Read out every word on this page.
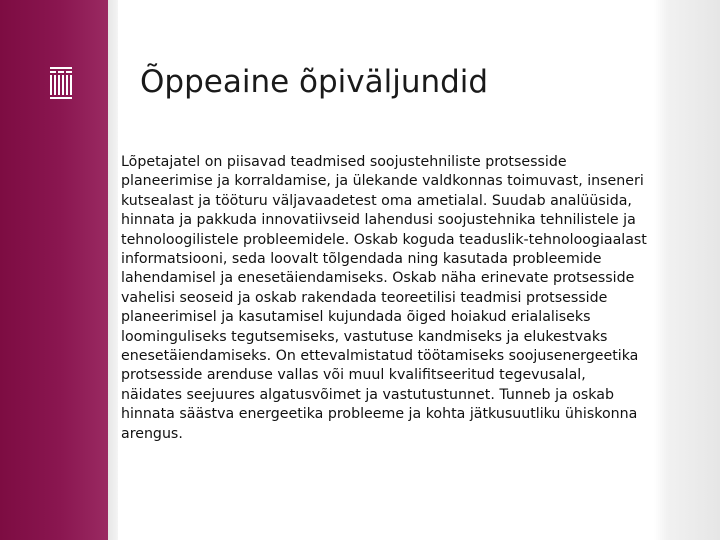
Õppeaine õpiväljundid

Lõpetajatel on piisavad teadmised soojustehniliste protsesside planeerimise ja korraldamise, ja ülekande valdkonnas toimuvast, inseneri kutsealast ja tööturu väljavaadetest oma ametialal. Suudab analüüsida, hinnata ja pakkuda innovatiivseid lahendusi soojustehnika tehnilistele ja tehnoloogilistele probleemidele. Oskab koguda teaduslik-tehnoloogiaalast informatsiooni, seda loovalt tõlgendada ning kasutada probleemide lahendamisel ja enesetäiendamiseks. Oskab näha erinevate protsesside vahelisi seoseid ja oskab rakendada teoreetilisi teadmisi protsesside planeerimisel ja kasutamisel kujundada õiged hoiakud erialaliseks loominguliseks tegutsemiseks, vastutuse kandmiseks ja elukestvaks enesetäiendamiseks. On ettevalmistatud töötamiseks soojusenergeetika protsesside arenduse vallas või muul kvalifitseeritud tegevusalal, näidates seejuures algatusvõimet ja vastutustunnet. Tunneb ja oskab hinnata säästva energeetika probleeme ja kohta jätkusuutliku ühiskonna arengus.
